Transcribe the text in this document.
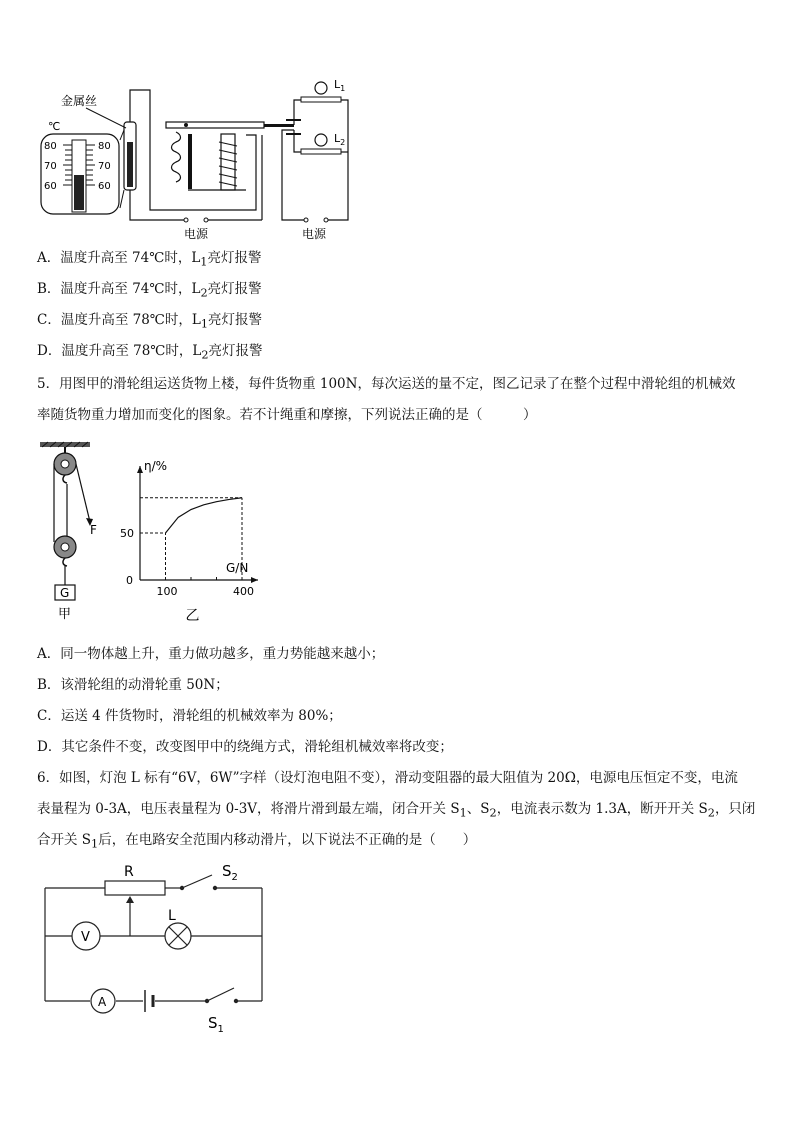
金属丝
℃
80
70
60
80
70
60
电源
$L_1$
$L_2$
电源
A．温度升高至 74℃时，$L_1$亮灯报警
B．温度升高至 74℃时，$L_2$亮灯报警
C．温度升高至 78℃时，$L_1$亮灯报警
D．温度升高至 78℃时，$L_2$亮灯报警
5．用图甲的滑轮组运送货物上楼，每件货物重 100N，每次运送的量不定，图乙记录了在整个过程中滑轮组的机械效
率随货物重力增加而变化的图象。若不计绳重和摩擦，下列说法正确的是（　　　）
F
G
甲
η/%
G/N
0
50
100	400
乙
A．同一物体越上升，重力做功越多，重力势能越来越小；
B．该滑轮组的动滑轮重 50N；
C．运送 4 件货物时，滑轮组的机械效率为 80%；
D．其它条件不变，改变图甲中的绕绳方式，滑轮组机械效率将改变；
6．如图，灯泡 L 标有“6V，6W”字样（设灯泡电阻不变），滑动变阻器的最大阻值为 20Ω，电源电压恒定不变，电流
表量程为 0-3A，电压表量程为 0-3V，将滑片滑到最左端，闭合开关 $S_1$、$S_2$，电流表示数为 1.3A，断开开关 $S_2$，只闭
合开关 $S_1$后，在电路安全范围内移动滑片，以下说法不正确的是（　　）
R	$S_2$
V
L
A
$S_1$
